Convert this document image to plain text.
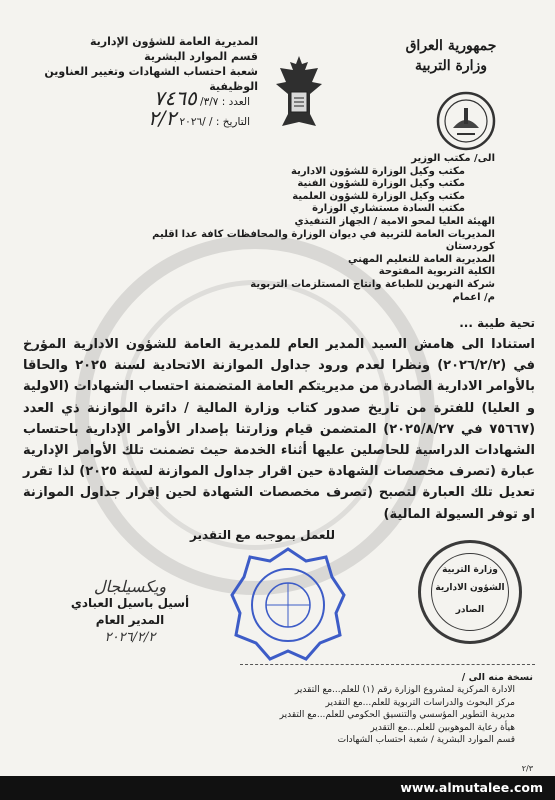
جمهورية العراق
وزارة التربية
المديرية العامة للشؤون الإدارية
قسم الموارد البشرية
شعبة احتساب الشهادات وتغيير العناوين الوظيفية
العدد : ٣/٧/ ٧٤٦٥
التاريخ : / /٢٠٢٦ ٢/٢
الى/ مكتب الوزير
مكتب وكيل الوزارة للشؤون الادارية
مكتب وكيل الوزارة للشؤون الفنية
مكتب وكيل الوزارة للشؤون العلمية
مكتب السادة مستشاري الوزارة
الهيئة العليا لمحو الامية / الجهاز التنفيذي
المديريات العامة للتربية في ديوان الوزارة والمحافظات كافة عدا اقليم كوردستان
المديرية العامة للتعليم المهني
الكلية التربوية المفتوحة
شركة النهرين للطباعة وانتاج المستلزمات التربوية
م/ اعمام
تحية طيبة ...
استنادا الى هامش السيد المدير العام للمديرية العامة للشؤون الادارية المؤرخ في (٢٠٢٦/٢/٢) ونظرا لعدم ورود جداول الموازنة الاتحادية لسنة ٢٠٢٥ والحاقا بالأوامر الادارية الصادرة من مديريتكم العامة المتضمنة احتساب الشهادات (الاولية و العليا) للفترة من تاريخ صدور كتاب وزارة المالية / دائرة الموازنة ذي العدد (٧٥٦٦٧ في ٢٠٢٥/٨/٢٧) المتضمن قيام وزارتنا بإصدار الأوامر الإدارية باحتساب الشهادات الدراسية للحاصلين عليها أثناء الخدمة حيث تضمنت تلك الأوامر الإدارية عبارة (تصرف مخصصات الشهادة حين اقرار جداول الموازنة لسنة ٢٠٢٥) لذا تقرر تعديل تلك العبارة لتصبح (تصرف مخصصات الشهادة لحين إقرار جداول الموازنة او توفر السيولة المالية)
للعمل بموجبه مع التقدير
ويكسيلجال
أسيل باسيل العبادي
المدير العام
٢٠٢٦/٢/٢
وزارة التربية
الشؤون الادارية
الصادر
نسخة منه الى /
الادارة المركزية لمشروع الوزارة رقم (١) للعلم...مع التقدير
مركز البحوث والدراسات التربوية للعلم...مع التقدير
مديرية التطوير المؤسسي والتنسيق الحكومي للعلم...مع التقدير
هيأة رعاية الموهوبين للعلم...مع التقدير
قسم الموارد البشرية / شعبة احتساب الشهادات
٢/٣
www.almutalee.com
